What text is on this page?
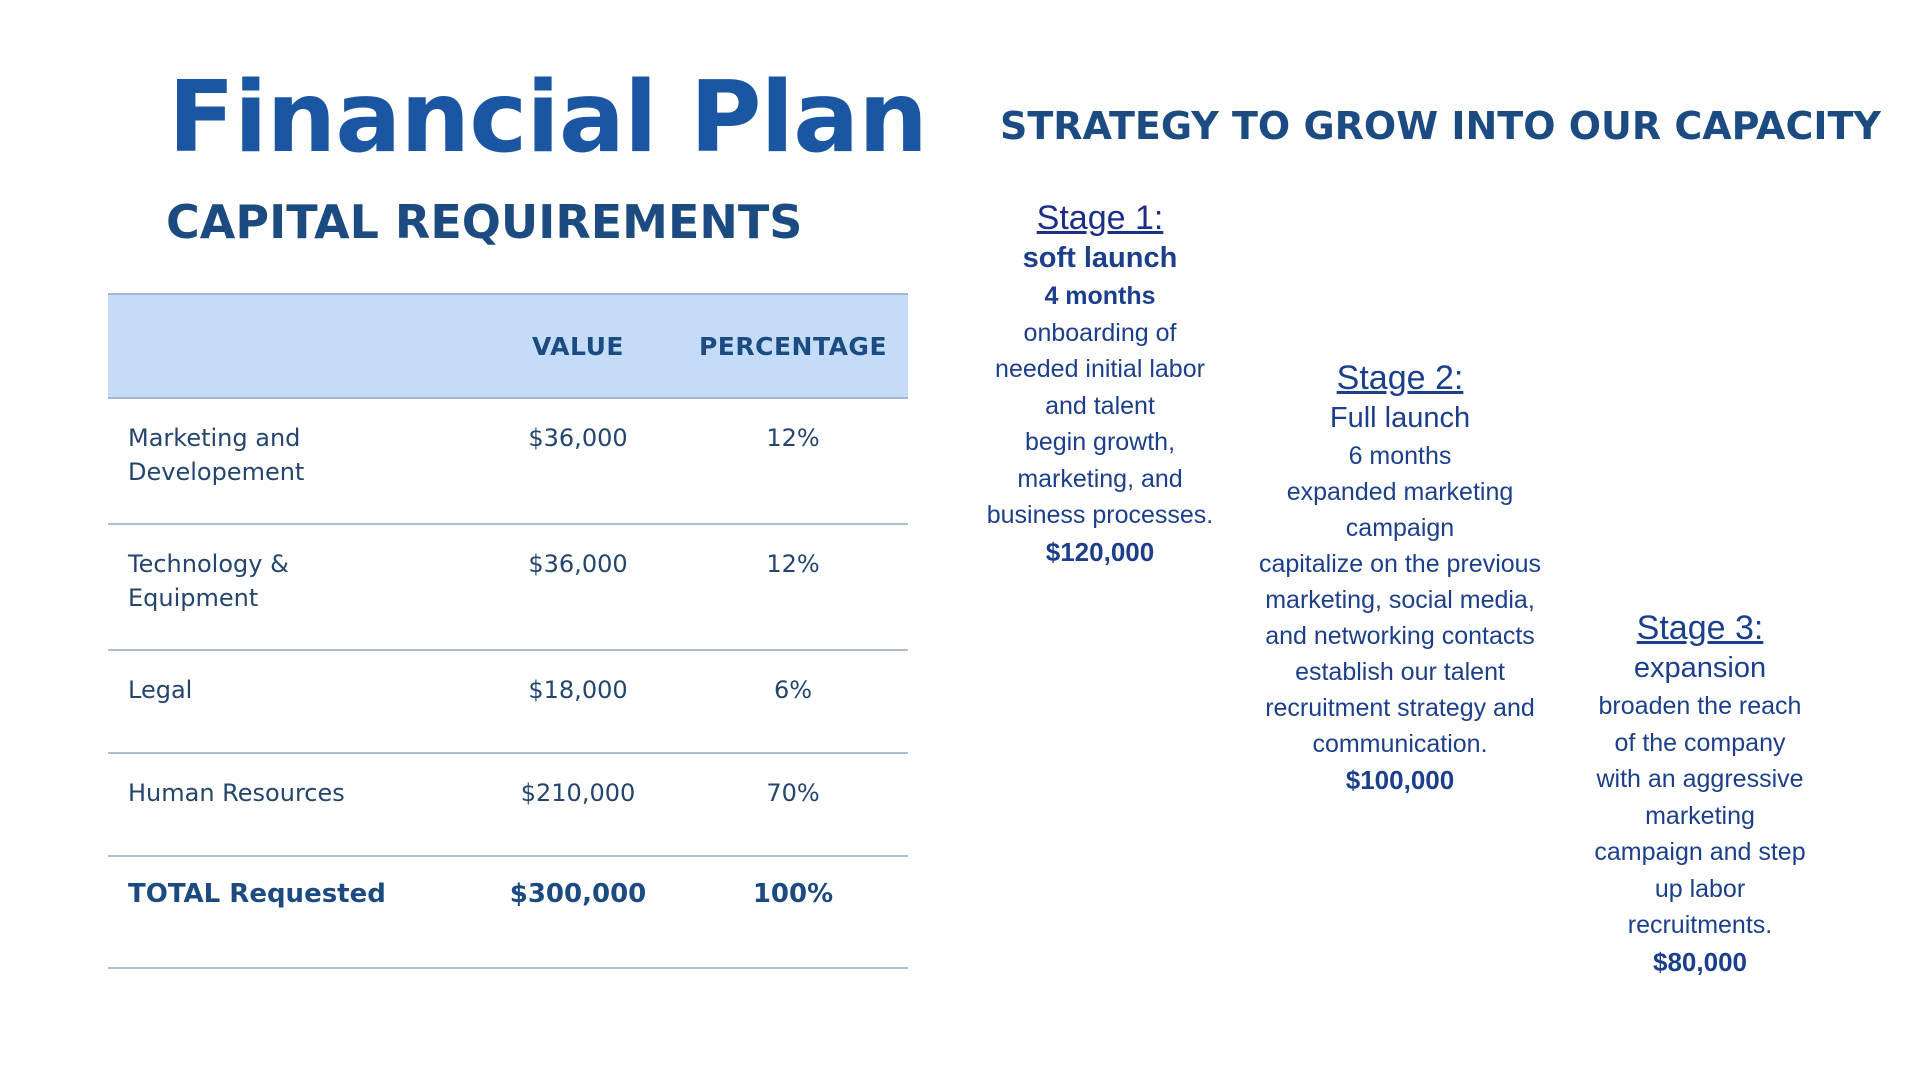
Financial Plan
CAPITAL REQUIREMENTS
STRATEGY TO GROW INTO OUR CAPACITY
	VALUE	PERCENTAGE

Marketing and
Developement	$36,000	12%

Technology &
Equipment	$36,000	12%

Legal	$18,000	6%

Human Resources	$210,000	70%
TOTAL Requested	$300,000	100%
Stage 1:
soft launch
4 months
onboarding of
needed initial labor
and talent
begin growth,
marketing, and
business processes.
$120,000
Stage 2:
Full launch
6 months
expanded marketing
campaign
capitalize on the previous
marketing, social media,
and networking contacts
establish our talent
recruitment strategy and
communication.
$100,000
Stage 3:
expansion
broaden the reach
of the company
with an aggressive
marketing
campaign and step
up labor
recruitments.
$80,000
